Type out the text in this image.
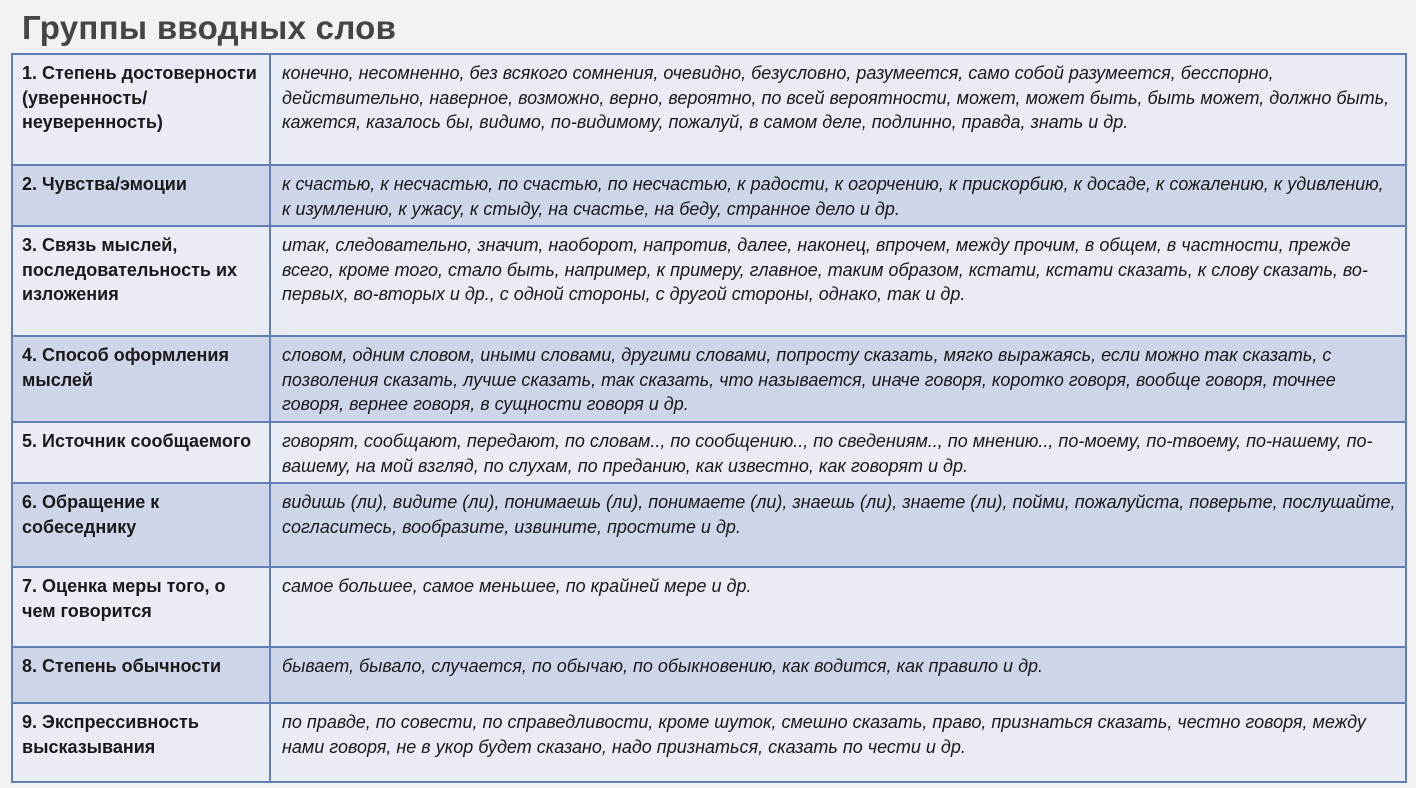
Группы вводных слов
1. Степень достоверности (уверенность/неуверенность)	конечно, несомненно, без всякого сомнения, очевидно, безусловно, разумеется, само собой разумеется, бесспорно, действительно, наверное, возможно, верно, вероятно, по всей вероятности, может, может быть, быть может, должно быть, кажется, казалось бы, видимо, по-видимому, пожалуй, в самом деле, подлинно, правда, знать и др.
2. Чувства/эмоции	к счастью, к несчастью, по счастью, по несчастью, к радости, к огорчению, к прискорбию, к досаде, к сожалению, к удивлению, к изумлению, к ужасу, к стыду, на счастье, на беду, странное дело и др.
3. Связь мыслей, последовательность их изложения	итак, следовательно, значит, наоборот, напротив, далее, наконец, впрочем, между прочим, в общем, в частности, прежде всего, кроме того, стало быть, например, к примеру, главное, таким образом, кстати, кстати сказать, к слову сказать, во-первых, во-вторых и др., с одной стороны, с другой стороны, однако, так и др.
4. Способ оформления мыслей	словом, одним словом, иными словами, другими словами, попросту сказать, мягко выражаясь, если можно так сказать, с позволения сказать, лучше сказать, так сказать, что называется, иначе говоря, коротко говоря, вообще говоря, точнее говоря, вернее говоря, в сущности говоря и др.
5. Источник сообщаемого	говорят, сообщают, передают, по словам.., по сообщению.., по сведениям.., по мнению.., по-моему, по-твоему, по-нашему, по-вашему, на мой взгляд, по слухам, по преданию, как известно, как говорят и др.
6. Обращение к собеседнику	видишь (ли), видите (ли), понимаешь (ли), понимаете (ли), знаешь (ли), знаете (ли), пойми, пожалуйста, поверьте, послушайте, согласитесь, вообразите, извините, простите и др.
7. Оценка меры того, о чем говорится	самое большее, самое меньшее, по крайней мере и др.
8. Степень обычности	бывает, бывало, случается, по обычаю, по обыкновению, как водится, как правило и др.
9. Экспрессивность высказывания	по правде, по совести, по справедливости, кроме шуток, смешно сказать, право, признаться сказать, честно говоря, между нами говоря, не в укор будет сказано, надо признаться, сказать по чести и др.
